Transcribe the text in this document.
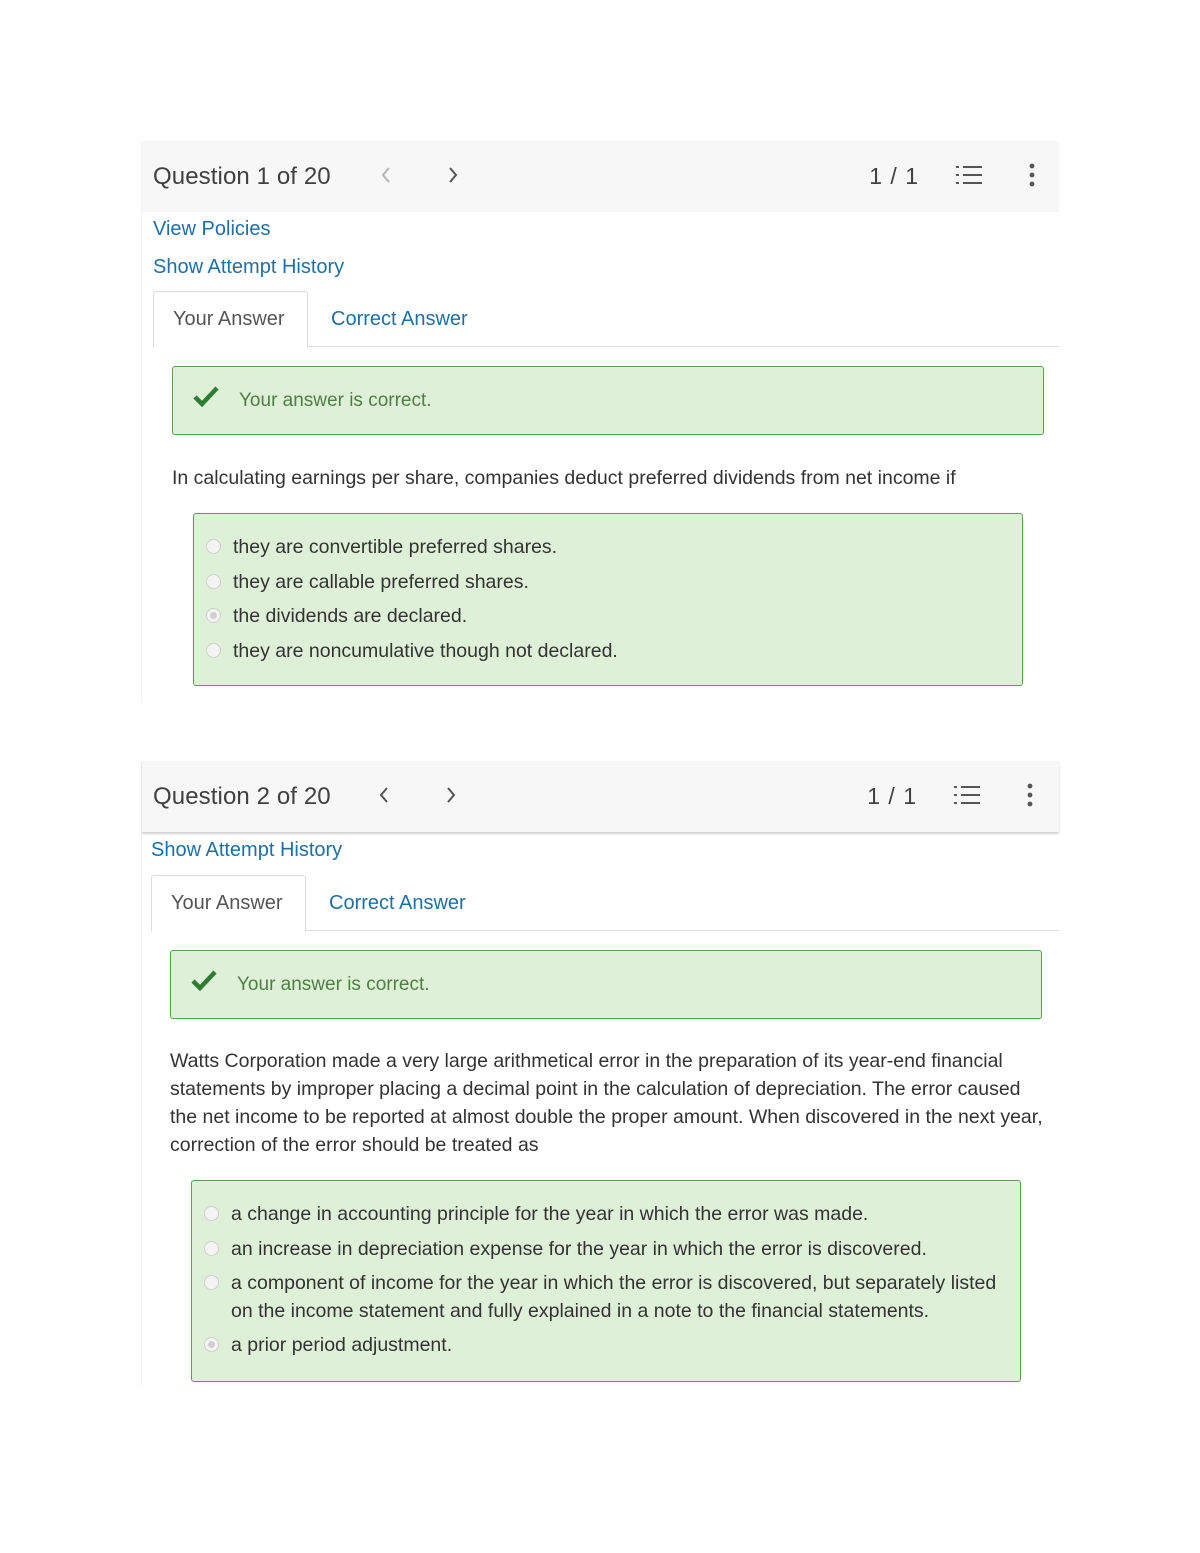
Question 1 of 20	1 / 1
View Policies
Show Attempt History
Your Answer	Correct Answer
Your answer is correct.
In calculating earnings per share, companies deduct preferred dividends from net income if
they are convertible preferred shares.
they are callable preferred shares.
the dividends are declared.
they are noncumulative though not declared.
Question 2 of 20	1 / 1
Show Attempt History
Your Answer	Correct Answer
Your answer is correct.
Watts Corporation made a very large arithmetical error in the preparation of its year-end financial statements by improper placing a decimal point in the calculation of depreciation. The error caused the net income to be reported at almost double the proper amount. When discovered in the next year, correction of the error should be treated as
a change in accounting principle for the year in which the error was made.
an increase in depreciation expense for the year in which the error is discovered.
a component of income for the year in which the error is discovered, but separately listed on the income statement and fully explained in a note to the financial statements.
a prior period adjustment.
